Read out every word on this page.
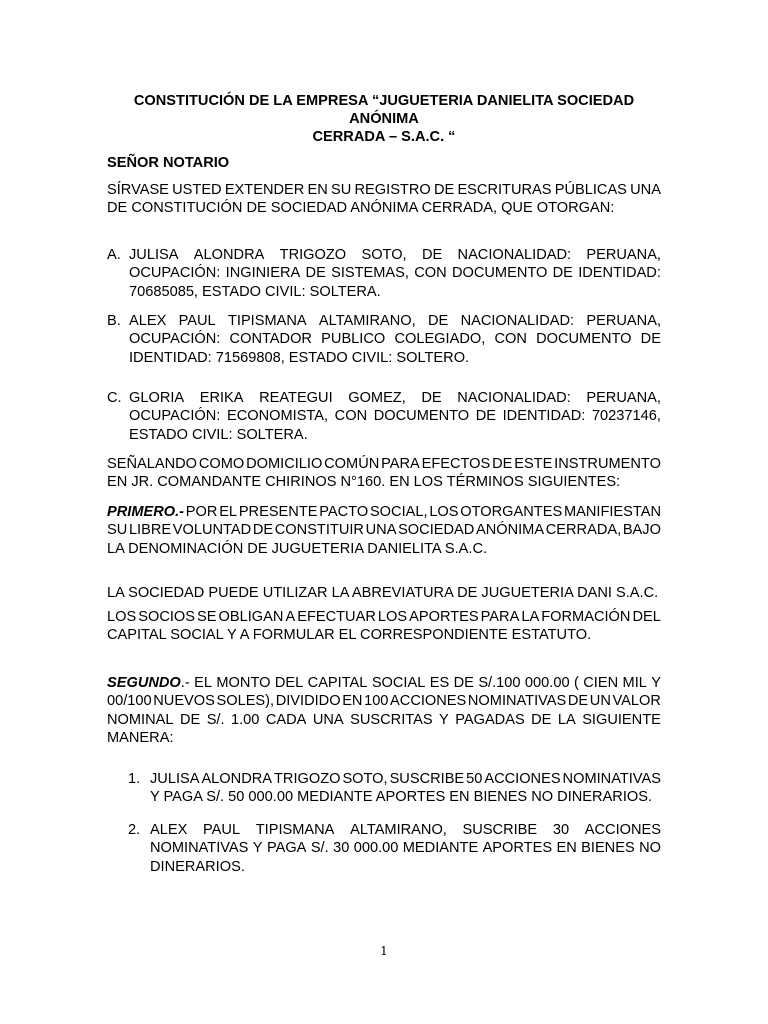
CONSTITUCIÓN DE LA EMPRESA “JUGUETERIA DANIELITA SOCIEDAD ANÓNIMA
CERRADA – S.A.C. “
SEÑOR NOTARIO
SÍRVASE USTED EXTENDER EN SU REGISTRO DE ESCRITURAS PÚBLICAS UNA
DE CONSTITUCIÓN DE SOCIEDAD ANÓNIMA CERRADA, QUE OTORGAN:
A. JULISA ALONDRA TRIGOZO SOTO, DE NACIONALIDAD: PERUANA,
OCUPACIÓN: INGINIERA DE SISTEMAS, CON DOCUMENTO DE IDENTIDAD:
70685085, ESTADO CIVIL: SOLTERA.
B. ALEX PAUL TIPISMANA ALTAMIRANO, DE NACIONALIDAD: PERUANA,
OCUPACIÓN: CONTADOR PUBLICO COLEGIADO, CON DOCUMENTO DE
IDENTIDAD: 71569808, ESTADO CIVIL: SOLTERO.
C. GLORIA ERIKA REATEGUI GOMEZ, DE NACIONALIDAD: PERUANA,
OCUPACIÓN: ECONOMISTA, CON DOCUMENTO DE IDENTIDAD: 70237146,
ESTADO CIVIL: SOLTERA.
SEÑALANDO COMO DOMICILIO COMÚN PARA EFECTOS DE ESTE INSTRUMENTO
EN JR. COMANDANTE CHIRINOS N°160. EN LOS TÉRMINOS SIGUIENTES:
PRIMERO.- POR EL PRESENTE PACTO SOCIAL, LOS OTORGANTES MANIFIESTAN
SU LIBRE VOLUNTAD DE CONSTITUIR UNA SOCIEDAD ANÓNIMA CERRADA, BAJO
LA DENOMINACIÓN DE JUGUETERIA DANIELITA S.A.C.
LA SOCIEDAD PUEDE UTILIZAR LA ABREVIATURA DE JUGUETERIA DANI S.A.C.
LOS SOCIOS SE OBLIGAN A EFECTUAR LOS APORTES PARA LA FORMACIÓN DEL
CAPITAL SOCIAL Y A FORMULAR EL CORRESPONDIENTE ESTATUTO.
SEGUNDO .- EL MONTO DEL CAPITAL SOCIAL ES DE S/.100 000.00 ( CIEN MIL Y
00/100 NUEVOS SOLES), DIVIDIDO EN 100 ACCIONES NOMINATIVAS DE UN VALOR
NOMINAL DE S/. 1.00 CADA UNA SUSCRITAS Y PAGADAS DE LA SIGUIENTE
MANERA:
1. JULISA ALONDRA TRIGOZO SOTO, SUSCRIBE 50 ACCIONES NOMINATIVAS
Y PAGA S/. 50 000.00 MEDIANTE APORTES EN BIENES NO DINERARIOS.
2. ALEX PAUL TIPISMANA ALTAMIRANO, SUSCRIBE 30 ACCIONES
NOMINATIVAS Y PAGA S/. 30 000.00 MEDIANTE APORTES EN BIENES NO
DINERARIOS.
1
